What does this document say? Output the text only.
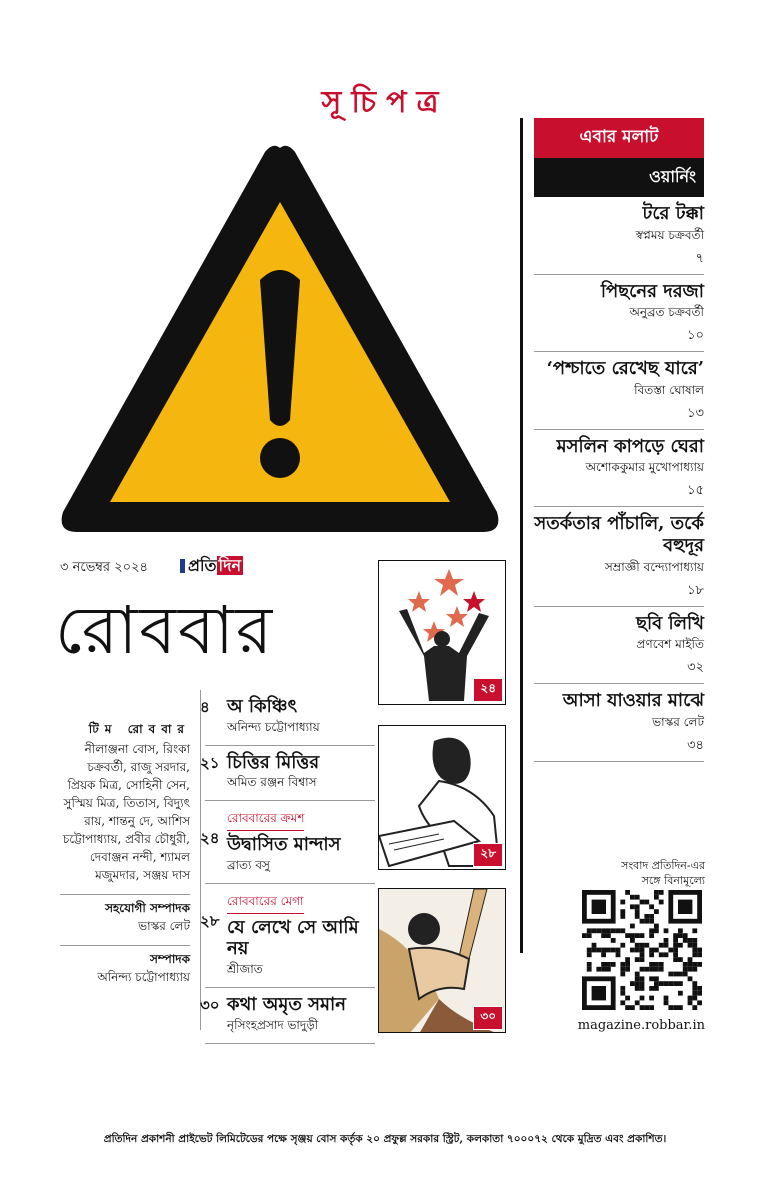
সূচিপত্র
এবার মলাট
ওয়ার্নিং
টরে টক্কা
স্বপ্নময় চক্রবর্তী
৭
পিছনের দরজা
অনুব্রত চক্রবর্তী
১০
‘পশ্চাতে রেখেছ যারে’
বিতস্তা ঘোষাল
১৩
মসলিন কাপড়ে ঘেরা
অশোককুমার মুখোপাধ্যায়
১৫
সতর্কতার পাঁচালি, তর্কে বহুদূর
সম্রাজ্ঞী বন্দ্যোপাধ্যায়
১৮
ছবি লিখি
প্রণবেশ মাইতি
৩২
আসা যাওয়ার মাঝে
ভাস্কর লেট
৩৪
৩ নভেম্বর ২০২৪	প্রতি দিন
রোববার
টিম রোববার
নীলাঞ্জনা বোস, রিংকা চক্রবর্তী, রাজু সরদার, প্রিয়ক মিত্র, সোহিনী সেন, সুস্মিয় মিত্র, তিতাস, বিদ্যুৎ রায়, শান্তনু দে, আশিস চট্টোপাধ্যায়, প্রবীর চৌধুরী, দেবাঞ্জন নন্দী, শ্যামল মজুমদার, সঞ্জয় দাস
সহযোগী সম্পাদক
ভাস্কর লেট
সম্পাদক
অনিন্দ্য চট্টোপাধ্যায়
৪ অ কিঞ্চিৎ
অনিন্দ্য চট্টোপাধ্যায়
২১ চিত্তির মিত্তির
অমিত রঞ্জন বিশ্বাস
২৪
রোববারের ক্রমশ
উদ্বাসিত মান্দাস
ব্রাত্য বসু
২৮
রোববারের মেগা
যে লেখে সে আমি নয়
শ্রীজাত
৩০ কথা অমৃত সমান
নৃসিংহপ্রসাদ ভাদুড়ী
২৪
২৮
৩০
সংবাদ প্রতিদিন-এর
সঙ্গে বিনামূল্যে
magazine.robbar.in
প্রতিদিন প্রকাশনী প্রাইভেট লিমিটেডের পক্ষে সৃঞ্জয় বোস কর্তৃক ২০ প্রফুল্ল সরকার স্ট্রিট, কলকাতা ৭০০০৭২ থেকে মুদ্রিত এবং প্রকাশিত।
